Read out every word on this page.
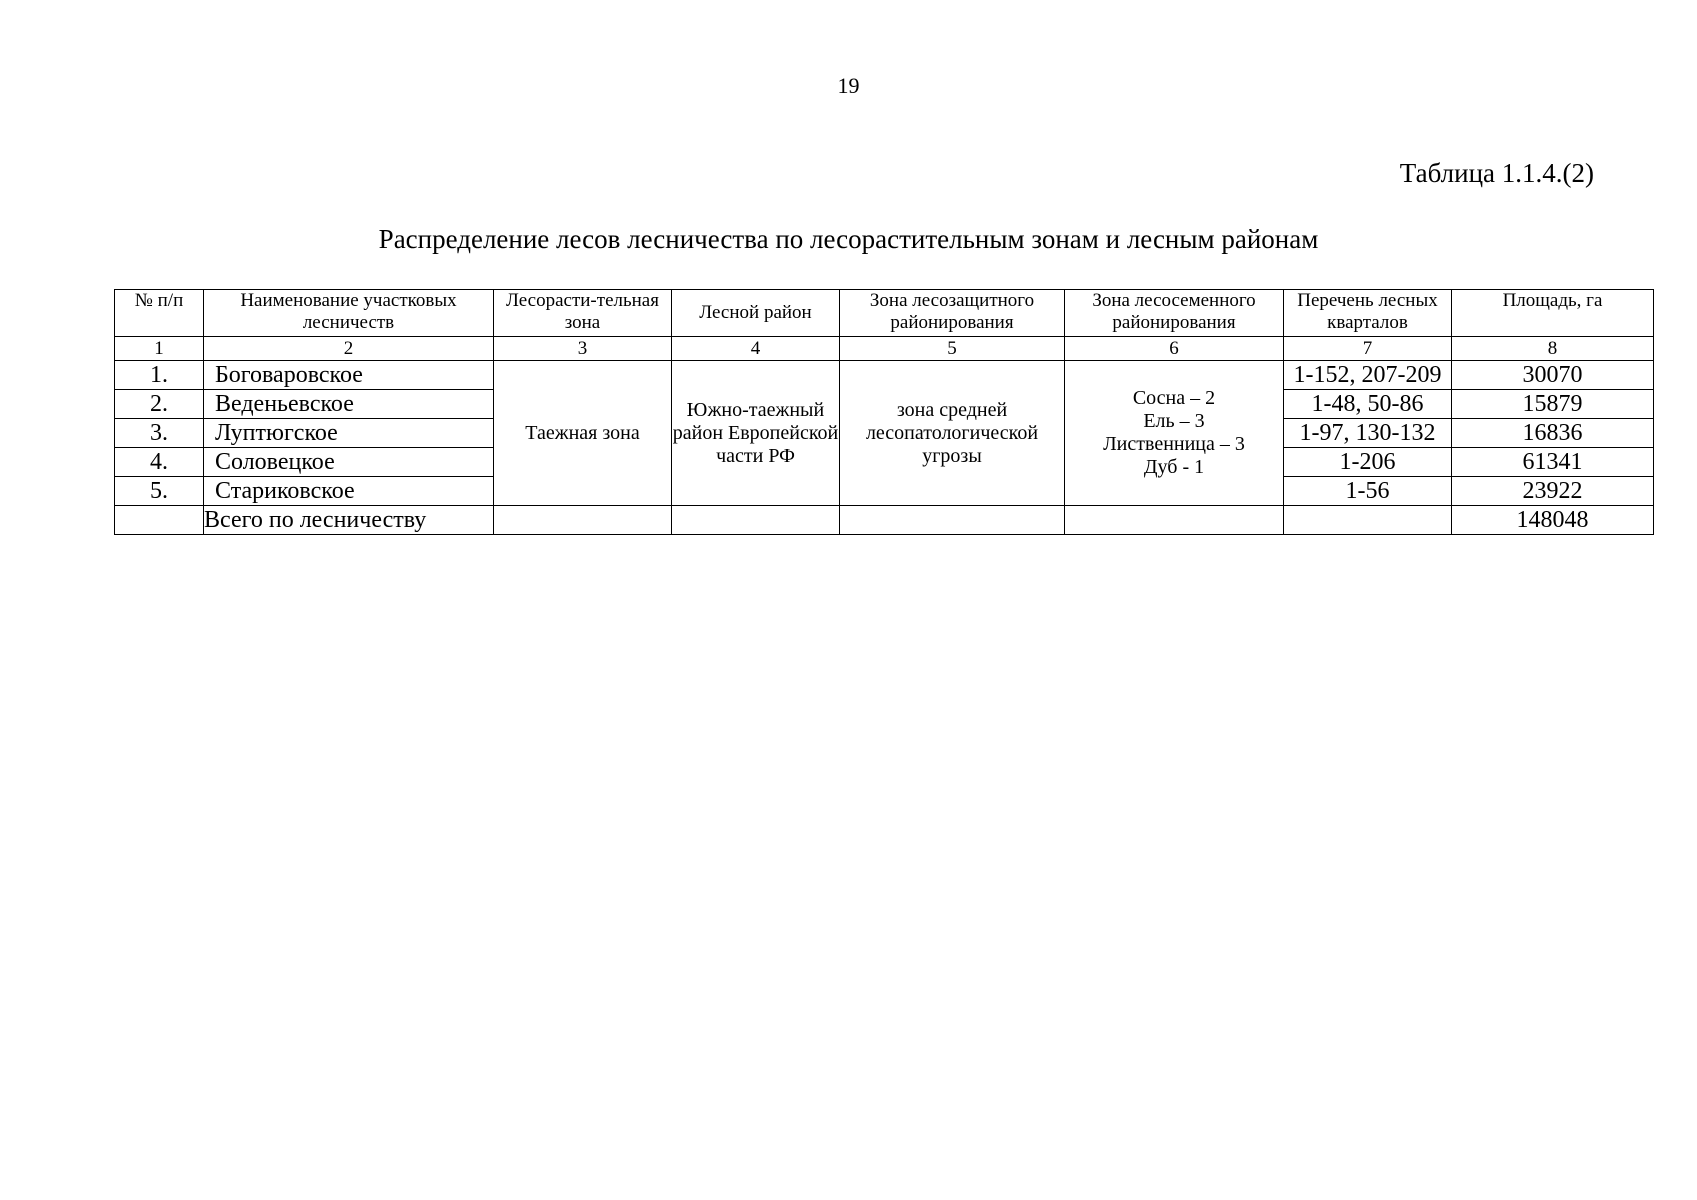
19
Таблица 1.1.4.(2)
Распределение лесов лесничества по лесорастительным зонам и лесным районам
№ п/п	Наименование участковых лесничеств	Лесорасти-тельная зона	Лесной район	Зона лесозащитного районирования	Зона лесосеменного районирования	Перечень лесных кварталов	Площадь, га
1	2	3	4	5	6	7	8
1.	Боговаровское	Таежная зона	Южно-таежный
район Европейской
части РФ	зона средней
лесопатологической
угрозы	Сосна – 2
Ель – 3
Лиственница – 3
Дуб - 1	1-152, 207-209	30070
2.	Веденьевское					1-48, 50-86	15879
3.	Луптюгское					1-97, 130-132	16836
4.	Соловецкое					1-206	61341
5.	Стариковское					1-56	23922
	Всего по лесничеству						148048
